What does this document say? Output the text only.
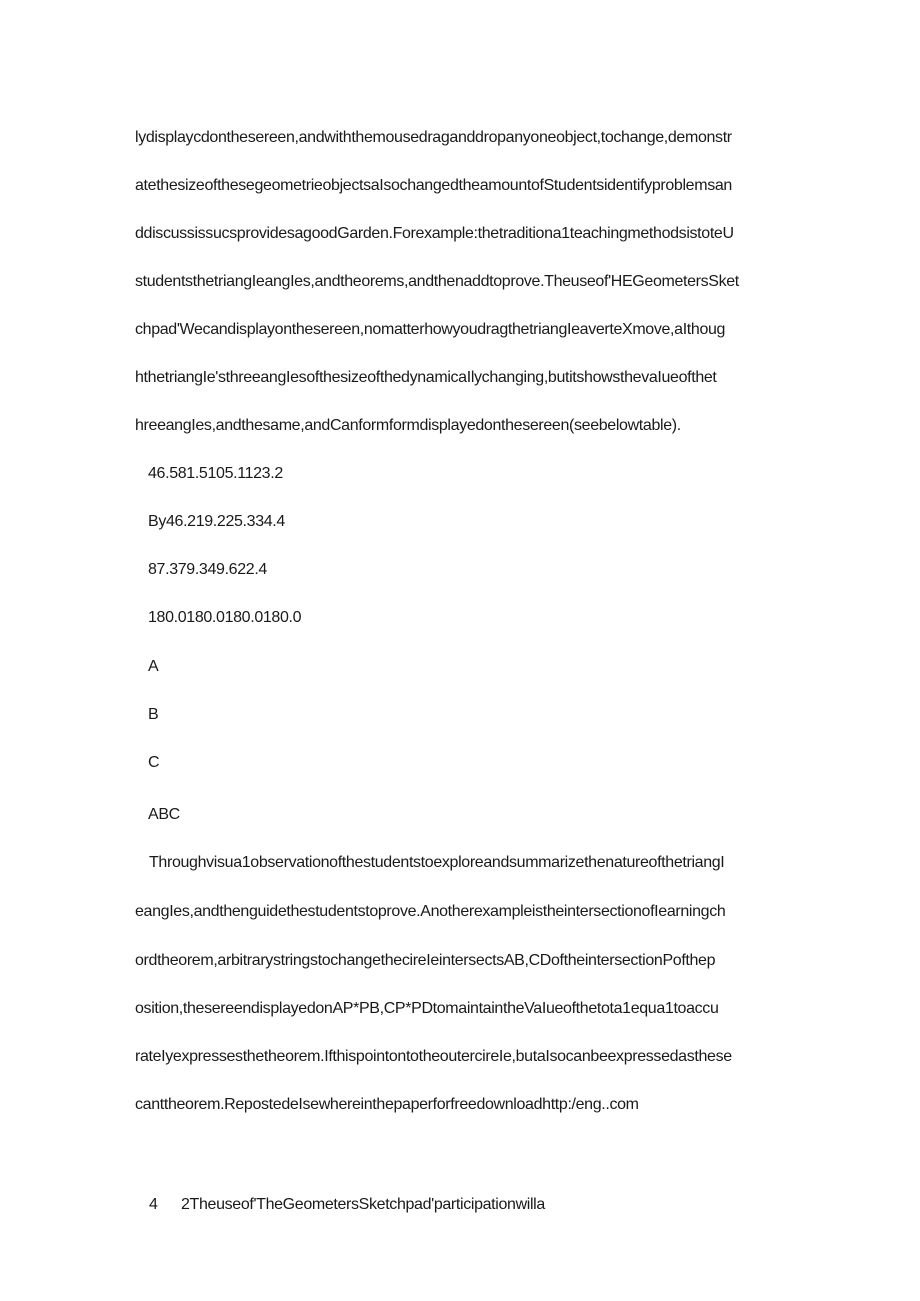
lydisplaycdonthesereen,andwiththemousedraganddropanyoneobject,tochange,demonstr
atethesizeofthesegeometrieobjectsaIsochangedtheamountofStudentsidentifyproblemsan
ddiscussissucsprovidesagoodGarden.Forexample:thetraditiona1teachingmethodsistoteU
studentsthetriangIeangIes,andtheorems,andthenaddtoprove.Theuseof'HEGeometersSket
chpad'Wecandisplayonthesereen,nomatterhowyoudragthetriangIeaverteXmove,aIthoug
hthetriangIe'sthreeangIesofthesizeofthedynamicaIlychanging,butitshowsthevaIueofthet
hreeangIes,andthesame,andCanformformdisplayedonthesereen(seebelowtable).
46.581.5105.1123.2
By46.219.225.334.4
87.379.349.622.4
180.0180.0180.0180.0
A
B
C
ABC
Throughvisua1observationofthestudentstoexploreandsummarizethenatureofthetriangI
eangIes,andthenguidethestudentstoprove.AnotherexampleistheintersectionofIearningch
ordtheorem,arbitrarystringstochangethecireIeintersectsAB,CDoftheintersectionPofthep
osition,thesereendisplayedonAP*PB,CP*PDtomaintaintheVaIueofthetota1equa1toaccu
rateIyexpressesthetheorem.IfthispointontotheoutercireIe,butaIsocanbeexpressedasthese
canttheorem.RepostedeIsewhereinthepaperforfreedownloadhttp:/eng..com
4 2Theuseof'TheGeometersSketchpad'participationwilla
